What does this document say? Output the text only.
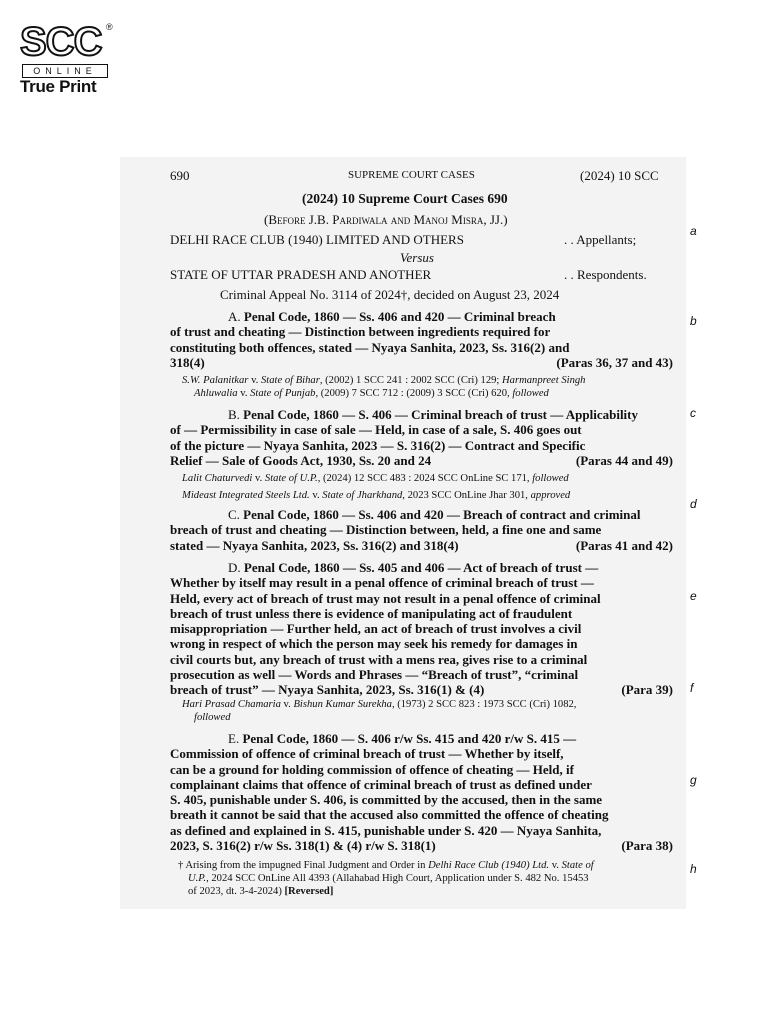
SCC ®
ONLINE
True Print
a
b
c
d
e
f
g
h
690	SUPREME COURT CASES	(2024) 10 SCC
(2024) 10 Supreme Court Cases 690
(Before J.B. Pardiwala and Manoj Misra, JJ.)
DELHI RACE CLUB (1940) LIMITED AND OTHERS	. . Appellants;
Versus
STATE OF UTTAR PRADESH AND ANOTHER	. . Respondents.
Criminal Appeal No. 3114 of 2024†, decided on August 23, 2024
A. Penal Code, 1860 — Ss. 406 and 420 — Criminal breach
of trust and cheating — Distinction between ingredients required for
constituting both offences, stated — Nyaya Sanhita, 2023, Ss. 316(2) and
318(4)	(Paras 36, 37 and 43)
S.W. Palanitkar v. State of Bihar, (2002) 1 SCC 241 : 2002 SCC (Cri) 129; Harmanpreet Singh
Ahluwalia v. State of Punjab, (2009) 7 SCC 712 : (2009) 3 SCC (Cri) 620, followed
B. Penal Code, 1860 — S. 406 — Criminal breach of trust — Applicability
of — Permissibility in case of sale — Held, in case of a sale, S. 406 goes out
of the picture — Nyaya Sanhita, 2023 — S. 316(2) — Contract and Specific
Relief — Sale of Goods Act, 1930, Ss. 20 and 24	(Paras 44 and 49)
Lalit Chaturvedi v. State of U.P., (2024) 12 SCC 483 : 2024 SCC OnLine SC 171, followed
Mideast Integrated Steels Ltd. v. State of Jharkhand, 2023 SCC OnLine Jhar 301, approved
C. Penal Code, 1860 — Ss. 406 and 420 — Breach of contract and criminal
breach of trust and cheating — Distinction between, held, a fine one and same
stated — Nyaya Sanhita, 2023, Ss. 316(2) and 318(4)	(Paras 41 and 42)
D. Penal Code, 1860 — Ss. 405 and 406 — Act of breach of trust —
Whether by itself may result in a penal offence of criminal breach of trust —
Held, every act of breach of trust may not result in a penal offence of criminal
breach of trust unless there is evidence of manipulating act of fraudulent
misappropriation — Further held, an act of breach of trust involves a civil
wrong in respect of which the person may seek his remedy for damages in
civil courts but, any breach of trust with a mens rea, gives rise to a criminal
prosecution as well — Words and Phrases — “Breach of trust”, “criminal
breach of trust” — Nyaya Sanhita, 2023, Ss. 316(1) & (4)	(Para 39)
Hari Prasad Chamaria v. Bishun Kumar Surekha, (1973) 2 SCC 823 : 1973 SCC (Cri) 1082,
followed
E. Penal Code, 1860 — S. 406 r/w Ss. 415 and 420 r/w S. 415 —
Commission of offence of criminal breach of trust — Whether by itself,
can be a ground for holding commission of offence of cheating — Held, if
complainant claims that offence of criminal breach of trust as defined under
S. 405, punishable under S. 406, is committed by the accused, then in the same
breath it cannot be said that the accused also committed the offence of cheating
as defined and explained in S. 415, punishable under S. 420 — Nyaya Sanhita,
2023, S. 316(2) r/w Ss. 318(1) & (4) r/w S. 318(1)	(Para 38)
† Arising from the impugned Final Judgment and Order in Delhi Race Club (1940) Ltd. v. State of
U.P., 2024 SCC OnLine All 4393 (Allahabad High Court, Application under S. 482 No. 15453
of 2023, dt. 3-4-2024) [Reversed]
